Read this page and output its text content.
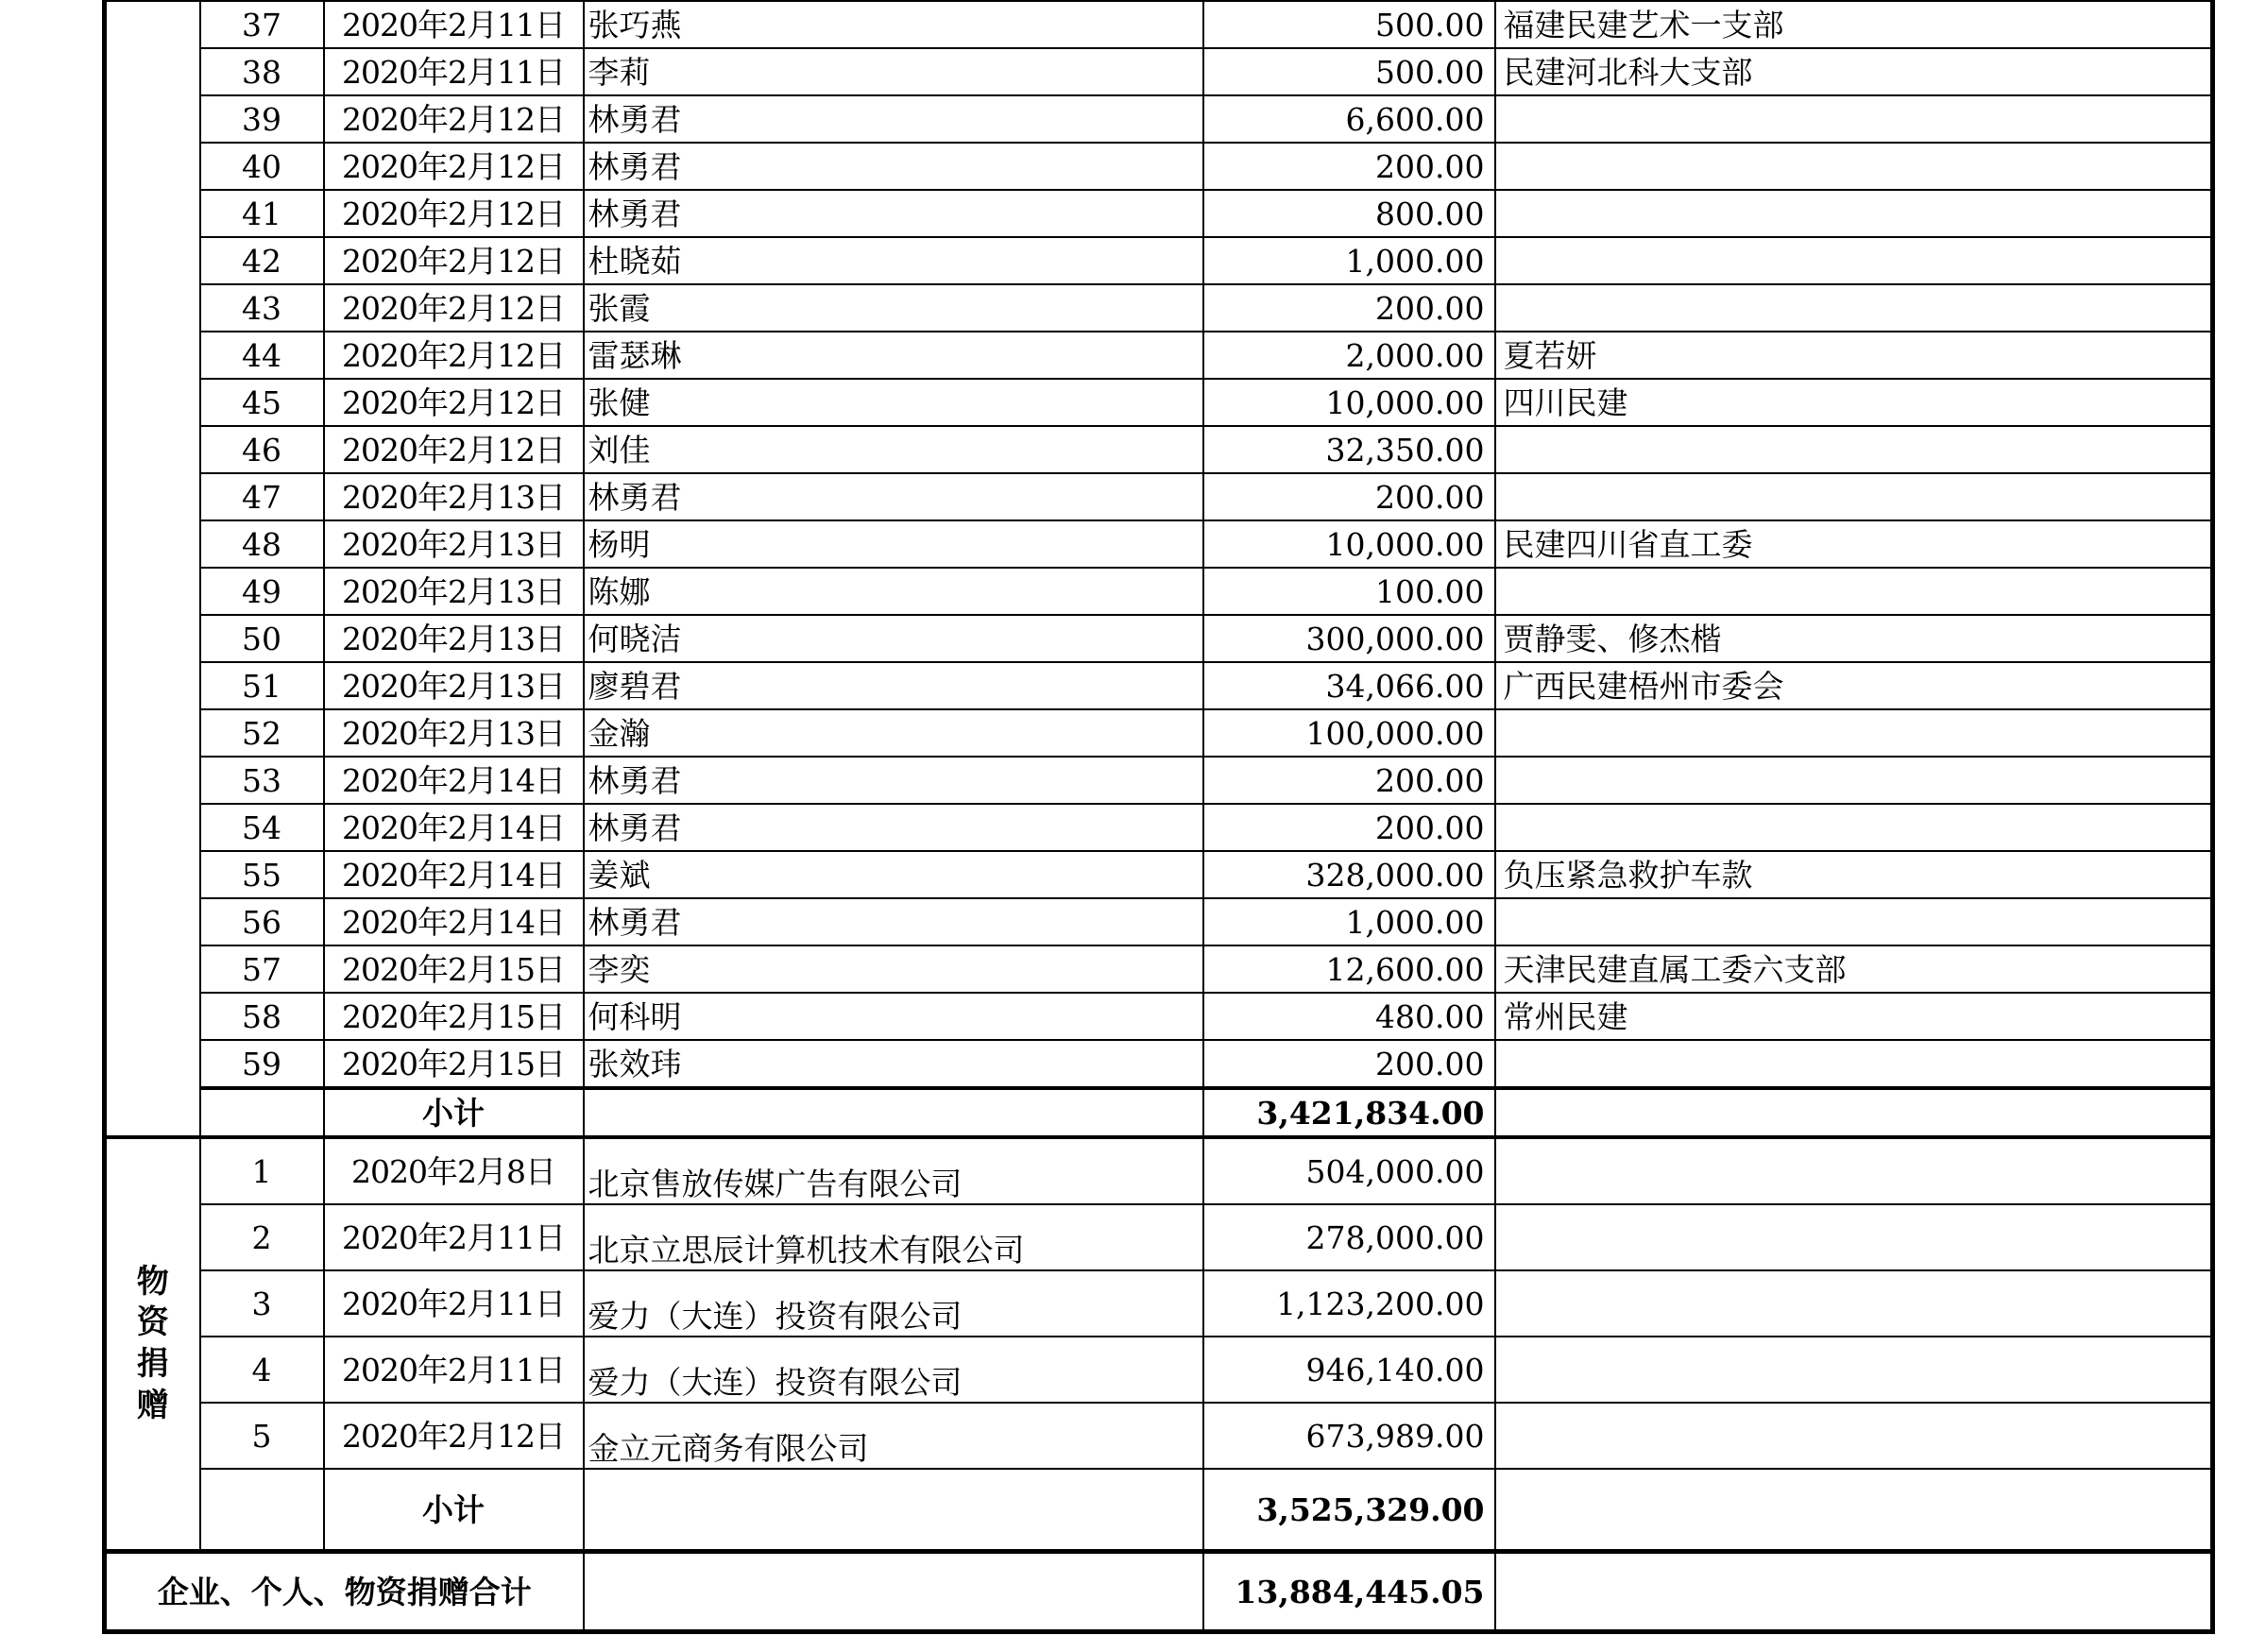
	37	2020年2月11日	张巧燕	500.00	福建民建艺术一支部
	38	2020年2月11日	李莉	500.00	民建河北科大支部
	39	2020年2月12日	林勇君	6,600.00	
	40	2020年2月12日	林勇君	200.00	
	41	2020年2月12日	林勇君	800.00	
	42	2020年2月12日	杜晓茹	1,000.00	
	43	2020年2月12日	张霞	200.00	
	44	2020年2月12日	雷瑟琳	2,000.00	夏若妍
	45	2020年2月12日	张健	10,000.00	四川民建
	46	2020年2月12日	刘佳	32,350.00	
	47	2020年2月13日	林勇君	200.00	
	48	2020年2月13日	杨明	10,000.00	民建四川省直工委
	49	2020年2月13日	陈娜	100.00	
	50	2020年2月13日	何晓洁	300,000.00	贾静雯、修杰楷
	51	2020年2月13日	廖碧君	34,066.00	广西民建梧州市委会
	52	2020年2月13日	金瀚	100,000.00	
	53	2020年2月14日	林勇君	200.00	
	54	2020年2月14日	林勇君	200.00	
	55	2020年2月14日	姜斌	328,000.00	负压紧急救护车款
	56	2020年2月14日	林勇君	1,000.00	
	57	2020年2月15日	李奕	12,600.00	天津民建直属工委六支部
	58	2020年2月15日	何科明	480.00	常州民建
	59	2020年2月15日	张效玮	200.00	
		小计		3,421,834.00	

物
资
捐
赠	1	2020年2月8日	北京售放传媒广告有限公司	504,000.00	
	2	2020年2月11日	北京立思辰计算机技术有限公司	278,000.00	
	3	2020年2月11日	爱力（大连）投资有限公司	1,123,200.00	
	4	2020年2月11日	爱力（大连）投资有限公司	946,140.00	
	5	2020年2月12日	金立元商务有限公司	673,989.00	
		小计		3,525,329.00	
企业、个人、物资捐赠合计				13,884,445.05	
